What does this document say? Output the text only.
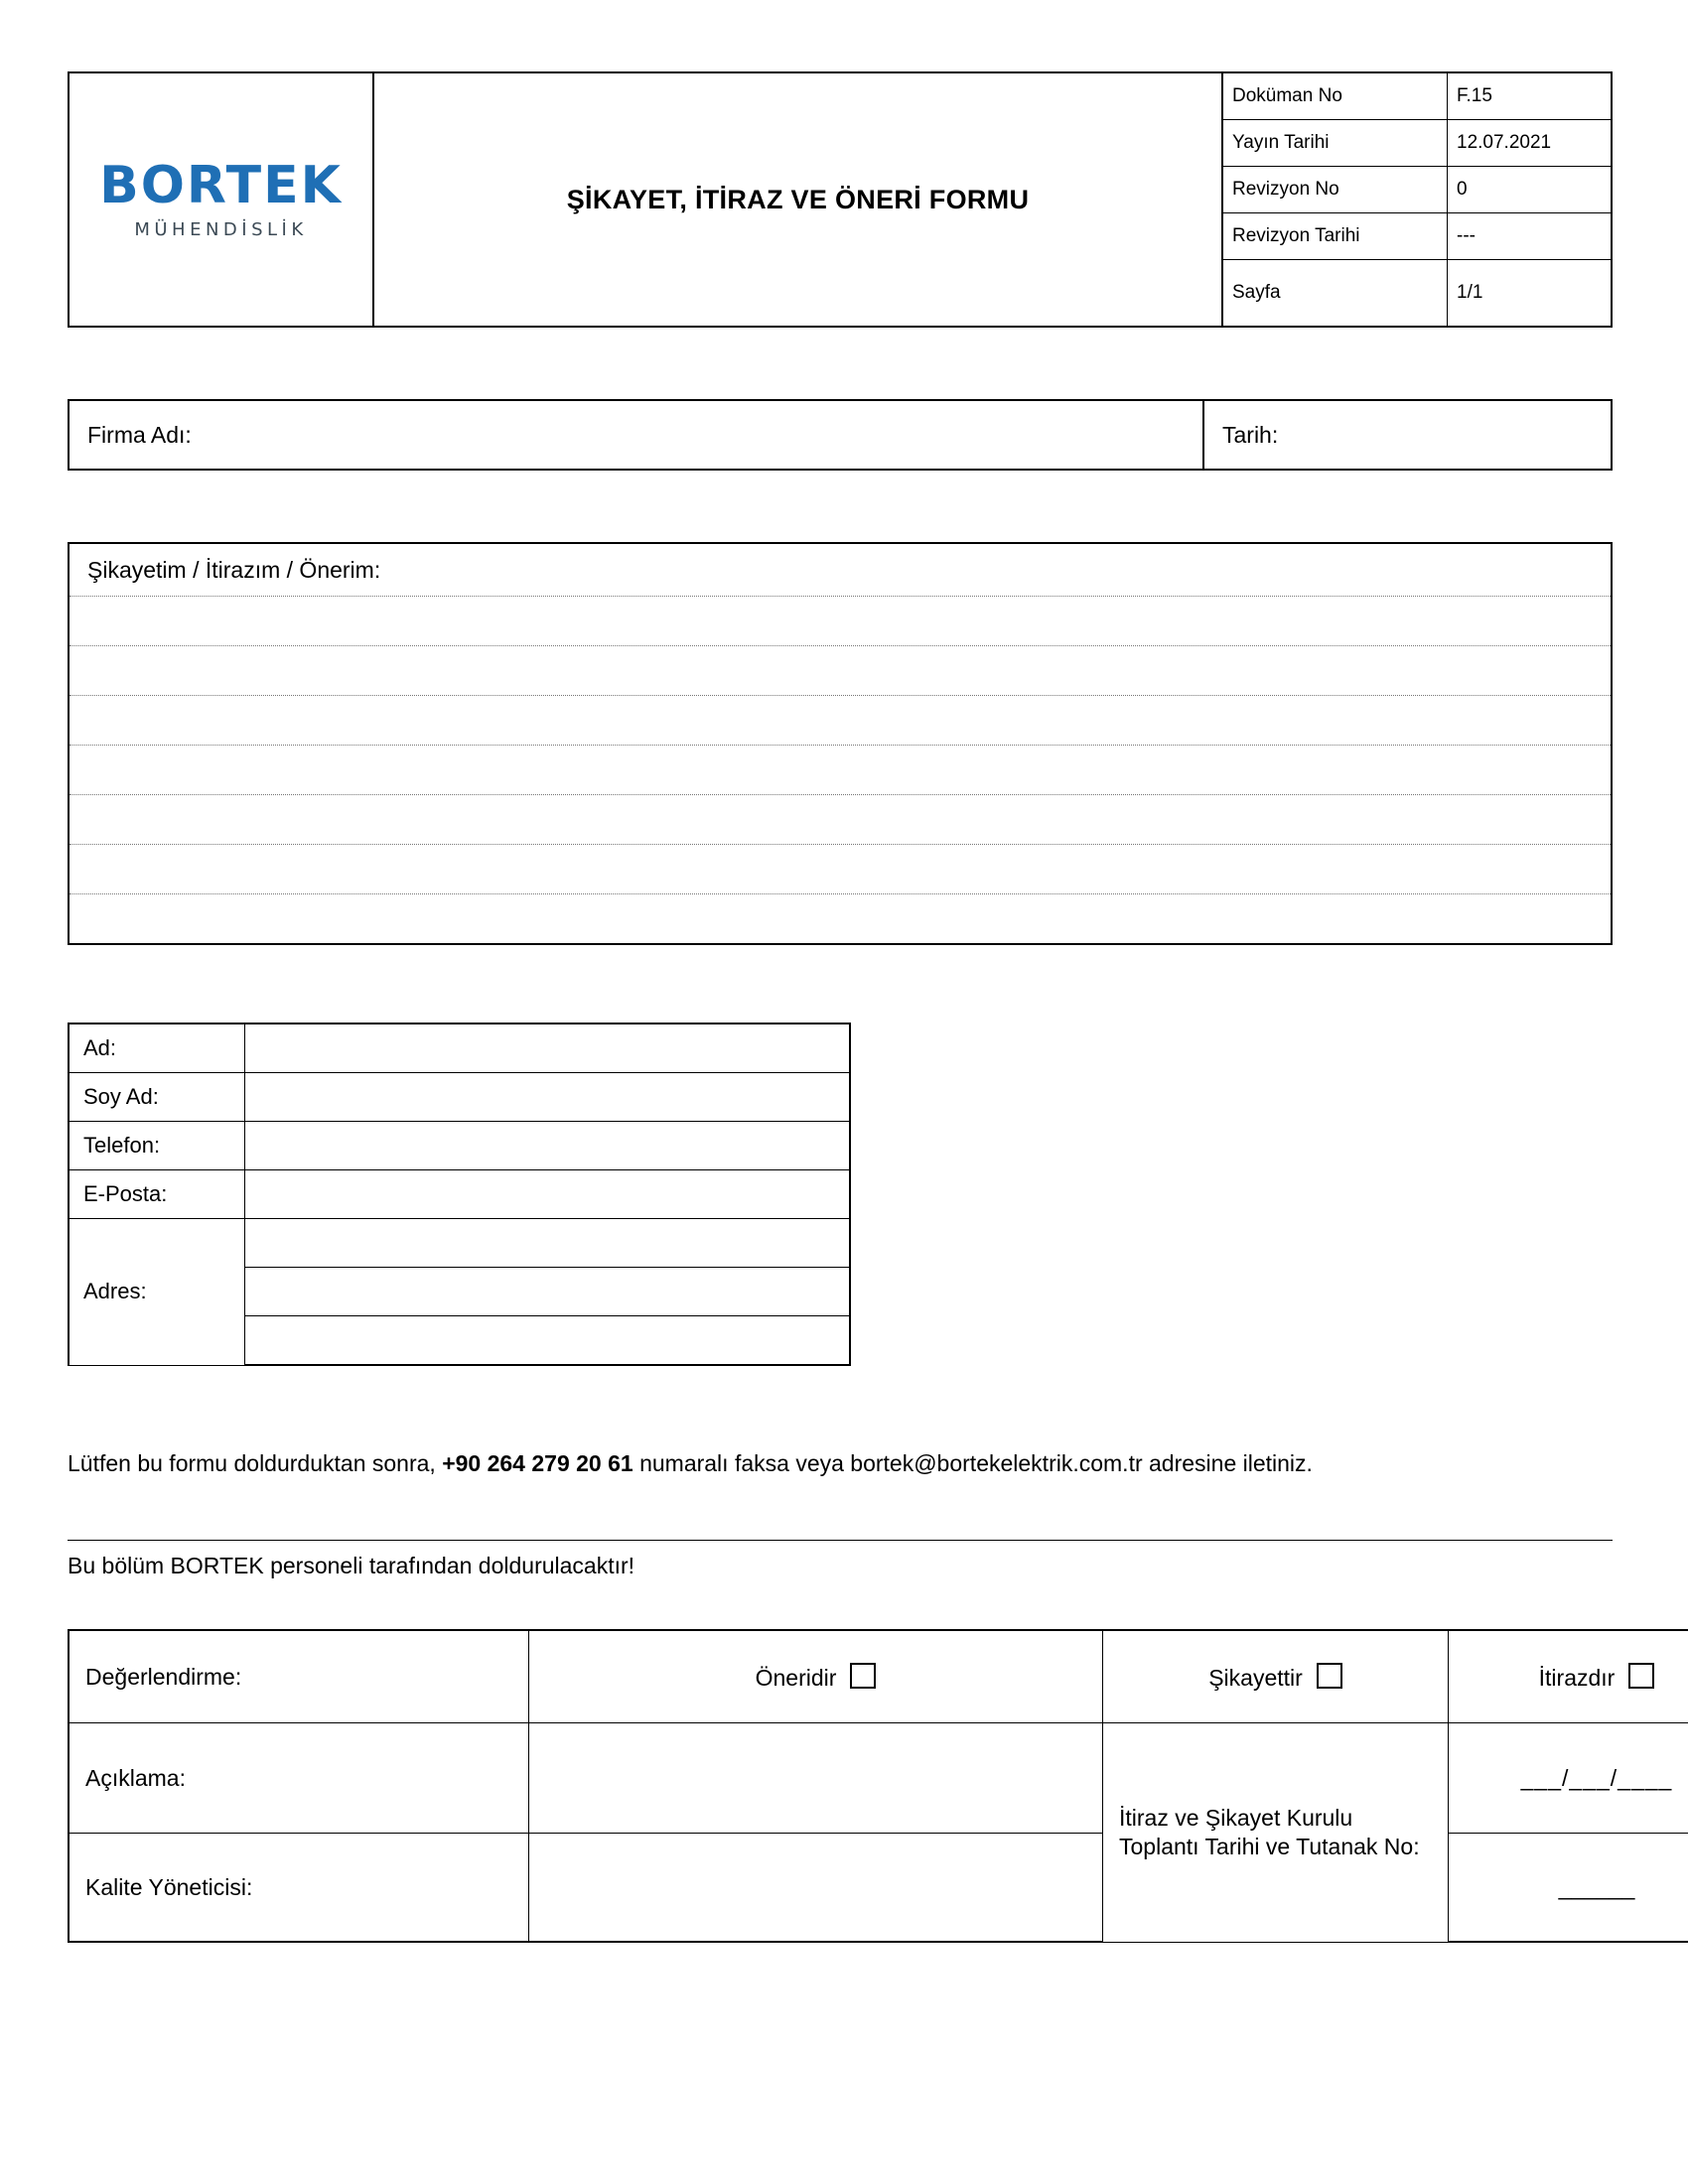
BORTEK
MÜHENDİSLİK
	ŞİKAYET, İTİRAZ VE ÖNERİ FORMU	
Doküman No	F.15
Yayın Tarihi	12.07.2021
Revizyon No	0
Revizyon Tarihi	---
Sayfa	1/1
Firma Adı:	Tarih:
Şikayetim / İtirazım / Önerim:
Ad:	
Soy Ad:	
Telefon:	
E-Posta:	
Adres:	

Lütfen bu formu doldurduktan sonra, +90 264 279 20 61 numaralı faksa veya bortek@bortekelektrik.com.tr adresine iletiniz.
Bu bölüm BORTEK personeli tarafından doldurulacaktır!
Değerlendirme:	Öneridir	Şikayettir	İtirazdır
Açıklama:		İtiraz ve Şikayet Kurulu Toplantı Tarihi ve Tutanak No:	___/___/____
Kalite Yöneticisi:			______
